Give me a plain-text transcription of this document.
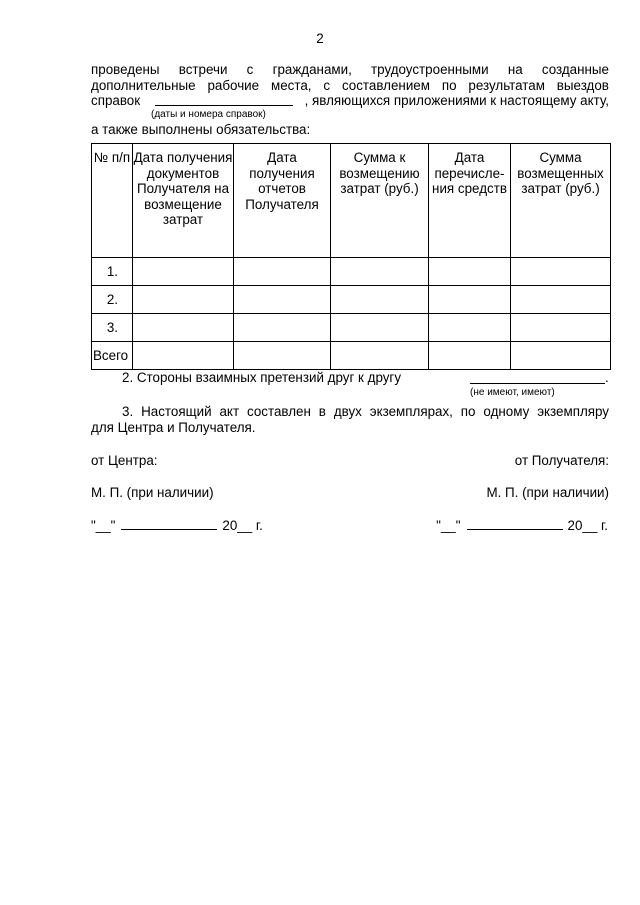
2
проведены встречи с гражданами, трудоустроенными на созданные
дополнительные рабочие места, с составлением по результатам выездов
справок	, являющихся приложениями к настоящему акту,
(даты и номера справок)
а также выполнены обязательства:
№ п/п	Дата получения документов Получателя на возмещение затрат	Дата получения отчетов Получателя	Сумма к возмещению затрат (руб.)	Дата перечисле-ния средств	Сумма возмещенных затрат (руб.)
1.					
2.					
3.					
Всего					
2. Стороны взаимных претензий друг к другу	.
(не имеют, имеют)
3. Настоящий акт составлен в двух экземплярах, по одному экземпляру
для Центра и Получателя.
от Центра:	от Получателя:
М. П. (при наличии)	М. П. (при наличии)
"__"	20__ г.	"__"	20__ г.
